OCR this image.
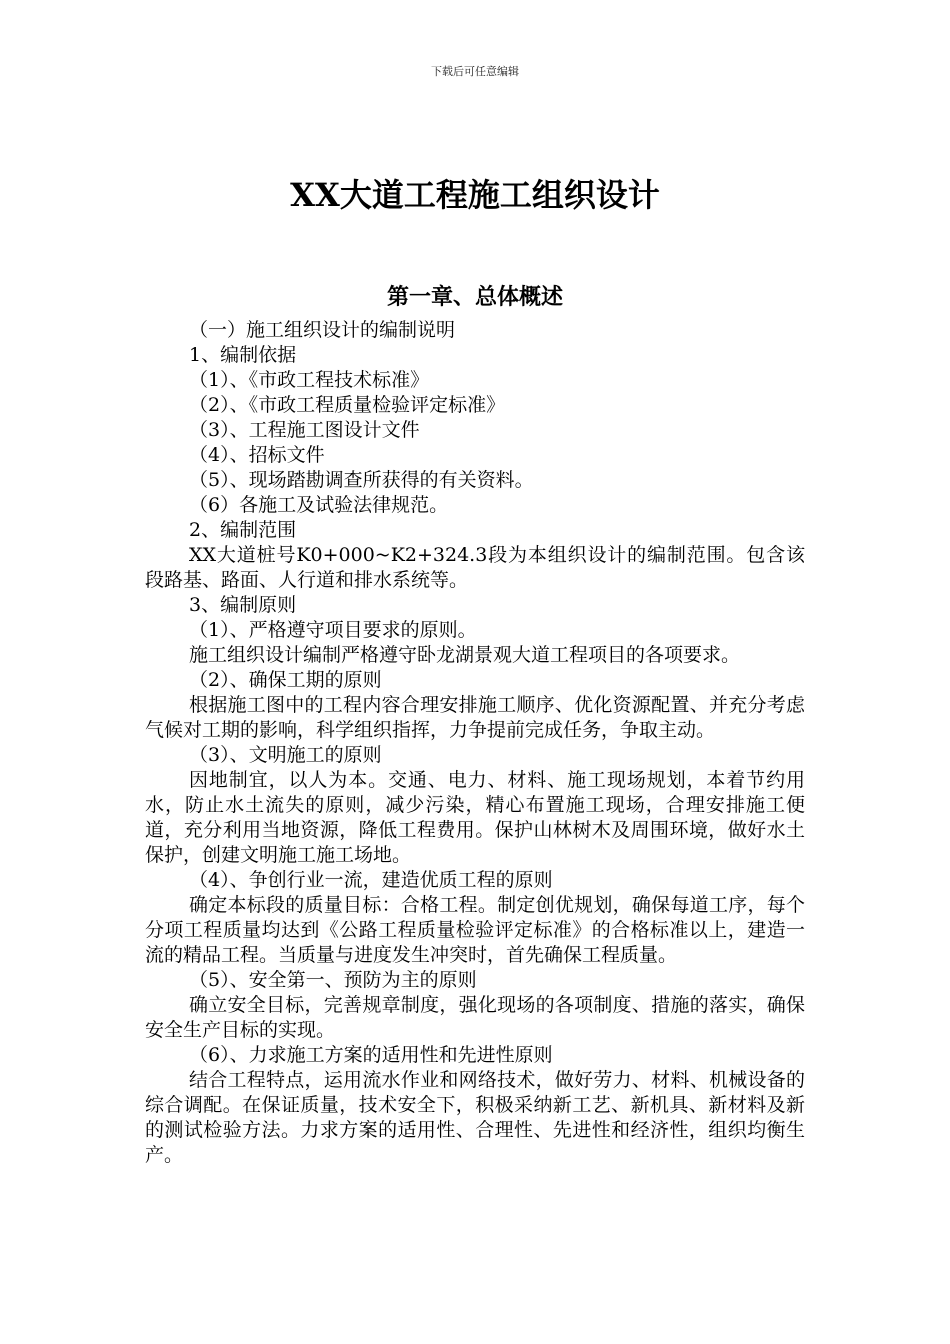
下载后可任意编辑
XX大道工程施工组织设计
第一章、总体概述

（一）施工组织设计的编制说明

1、编制依据

（1）、《市政工程技术标准》

（2）、《市政工程质量检验评定标准》

（3）、工程施工图设计文件

（4）、招标文件

（5）、现场踏勘调查所获得的有关资料。

（6）各施工及试验法律规范。

2、编制范围

XX大道桩号K0+000~K2+324.3段为本组织设计的编制范围。包含该段路基、路面、人行道和排水系统等。

3、编制原则

（1）、严格遵守项目要求的原则。

施工组织设计编制严格遵守卧龙湖景观大道工程项目的各项要求。

（2）、确保工期的原则

根据施工图中的工程内容合理安排施工顺序、优化资源配置、并充分考虑气候对工期的影响，科学组织指挥，力争提前完成任务，争取主动。

（3）、文明施工的原则

因地制宜，以人为本。交通、电力、材料、施工现场规划，本着节约用水，防止水土流失的原则，减少污染，精心布置施工现场，合理安排施工便道，充分利用当地资源，降低工程费用。保护山林树木及周围环境，做好水土保护，创建文明施工施工场地。

（4）、争创行业一流，建造优质工程的原则

确定本标段的质量目标：合格工程。制定创优规划，确保每道工序，每个分项工程质量均达到《公路工程质量检验评定标准》的合格标准以上，建造一流的精品工程。当质量与进度发生冲突时，首先确保工程质量。

（5）、安全第一、预防为主的原则

确立安全目标，完善规章制度，强化现场的各项制度、措施的落实，确保安全生产目标的实现。

（6）、力求施工方案的适用性和先进性原则

结合工程特点，运用流水作业和网络技术，做好劳力、材料、机械设备的综合调配。在保证质量，技术安全下，积极采纳新工艺、新机具、新材料及新的测试检验方法。力求方案的适用性、合理性、先进性和经济性，组织均衡生产。
